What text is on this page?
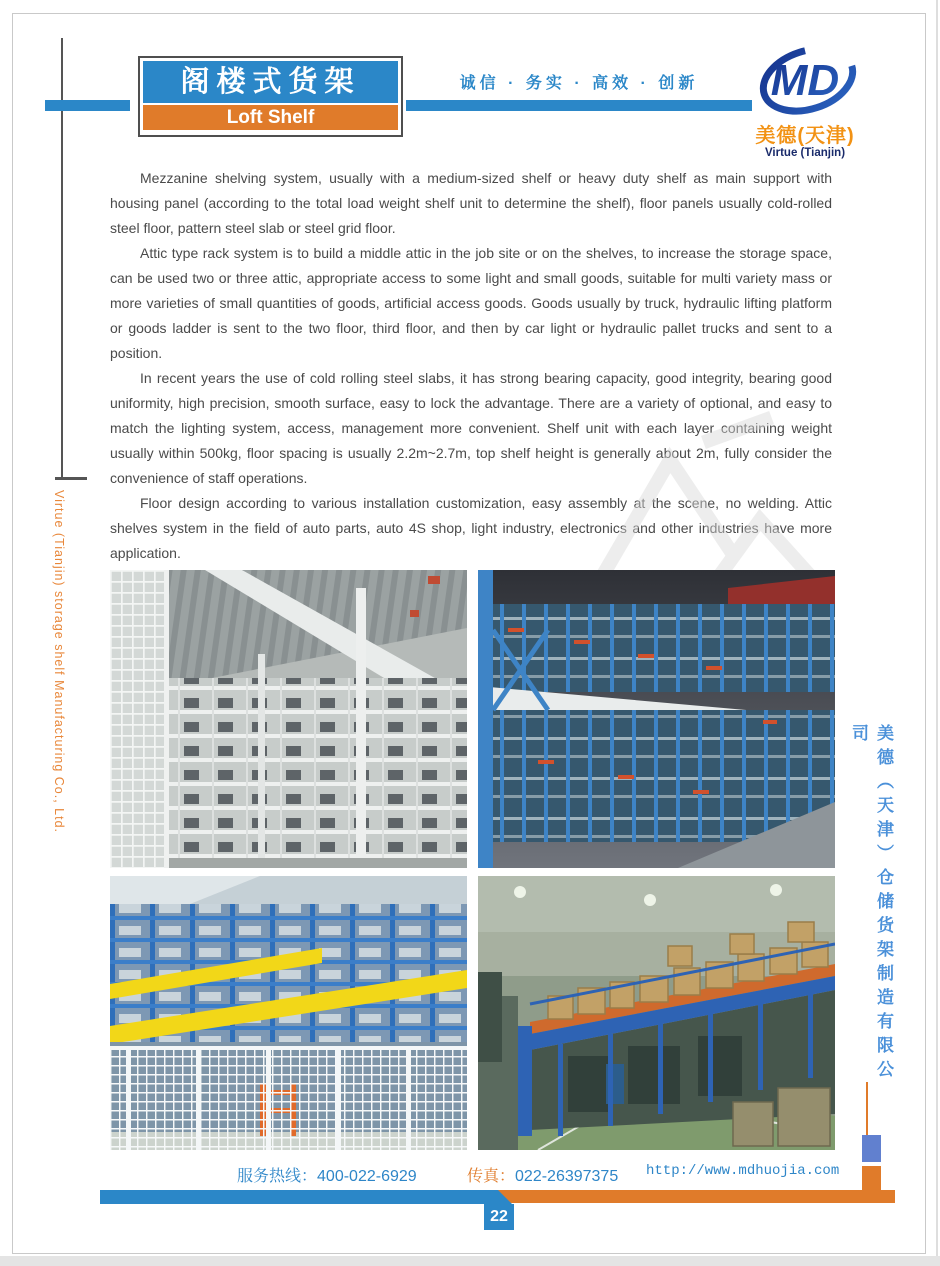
阁楼式货架
Loft Shelf
诚信 · 务实 · 高效 · 创新	MD
美德(天津)
Virtue (Tianjin)

Mezzanine shelving system, usually with a medium-sized shelf or heavy duty shelf as main support with housing panel (according to the total load weight shelf unit to determine the shelf), floor panels usually cold-rolled steel floor, pattern steel slab or steel grid floor.

Attic type rack system is to build a middle attic in the job site or on the shelves, to increase the storage space, can be used two or three attic, appropriate access to some light and small goods, suitable for multi variety mass or more varieties of small quantities of goods, artificial access goods. Goods usually by truck, hydraulic lifting platform or goods ladder is sent to the two floor, third floor, and then by car light or hydraulic pallet trucks and sent to a position.

In recent years the use of cold rolling steel slabs, it has strong bearing capacity, good integrity, bearing good uniformity, high precision, smooth surface, easy to lock the advantage. There are a variety of optional, and easy to match the lighting system, access, management more convenient. Shelf unit with each layer containing weight usually within 500kg, floor spacing is usually 2.2m~2.7m, top shelf height is generally about 2m, fully consider the convenience of staff operations.

Floor design according to various installation customization, easy assembly at the scene, no welding. Attic shelves system in the field of auto parts, auto 4S shop, light industry, electronics and other industries have more application.

Virtue (Tianjin) storage shelf Manufacturing Co., Ltd.
美德（天津）仓储货架制造有限公司
服务热线：400-022-6929	传真：022-26397375 http://www.mdhuojia.com
22
